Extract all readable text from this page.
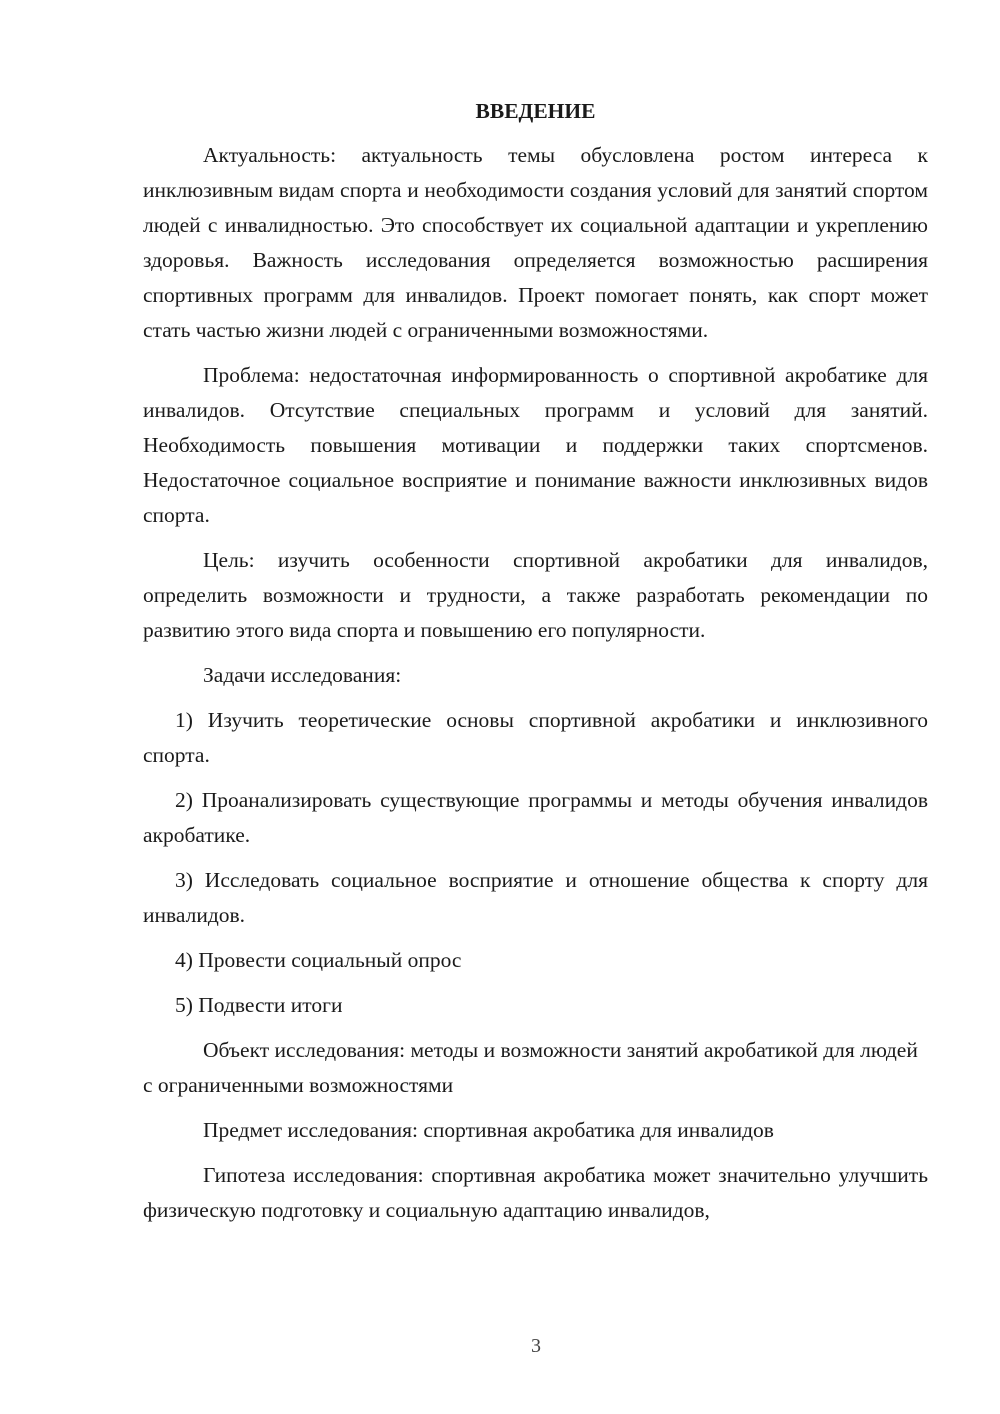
ВВЕДЕНИЕ

Актуальность: актуальность темы обусловлена ростом интереса к инклюзивным видам спорта и необходимости создания условий для занятий спортом людей с инвалидностью. Это способствует их социальной адаптации и укреплению здоровья. Важность исследования определяется возможностью расширения спортивных программ для инвалидов. Проект помогает понять, как спорт может стать частью жизни людей с ограниченными возможностями.

Проблема: недостаточная информированность о спортивной акробатике для инвалидов. Отсутствие специальных программ и условий для занятий. Необходимость повышения мотивации и поддержки таких спортсменов. Недостаточное социальное восприятие и понимание важности инклюзивных видов спорта.

Цель: изучить особенности спортивной акробатики для инвалидов, определить возможности и трудности, а также разработать рекомендации по развитию этого вида спорта и повышению его популярности.

Задачи исследования:

1) Изучить теоретические основы спортивной акробатики и инклюзивного спорта.

2) Проанализировать существующие программы и методы обучения инвалидов акробатике.

3) Исследовать социальное восприятие и отношение общества к спорту для инвалидов.

4) Провести социальный опрос

5) Подвести итоги

Объект исследования: методы и возможности занятий акробатикой для людей с ограниченными возможностями

Предмет исследования: спортивная акробатика для инвалидов

Гипотеза исследования: спортивная акробатика может значительно улучшить физическую подготовку и социальную адаптацию инвалидов,

3
